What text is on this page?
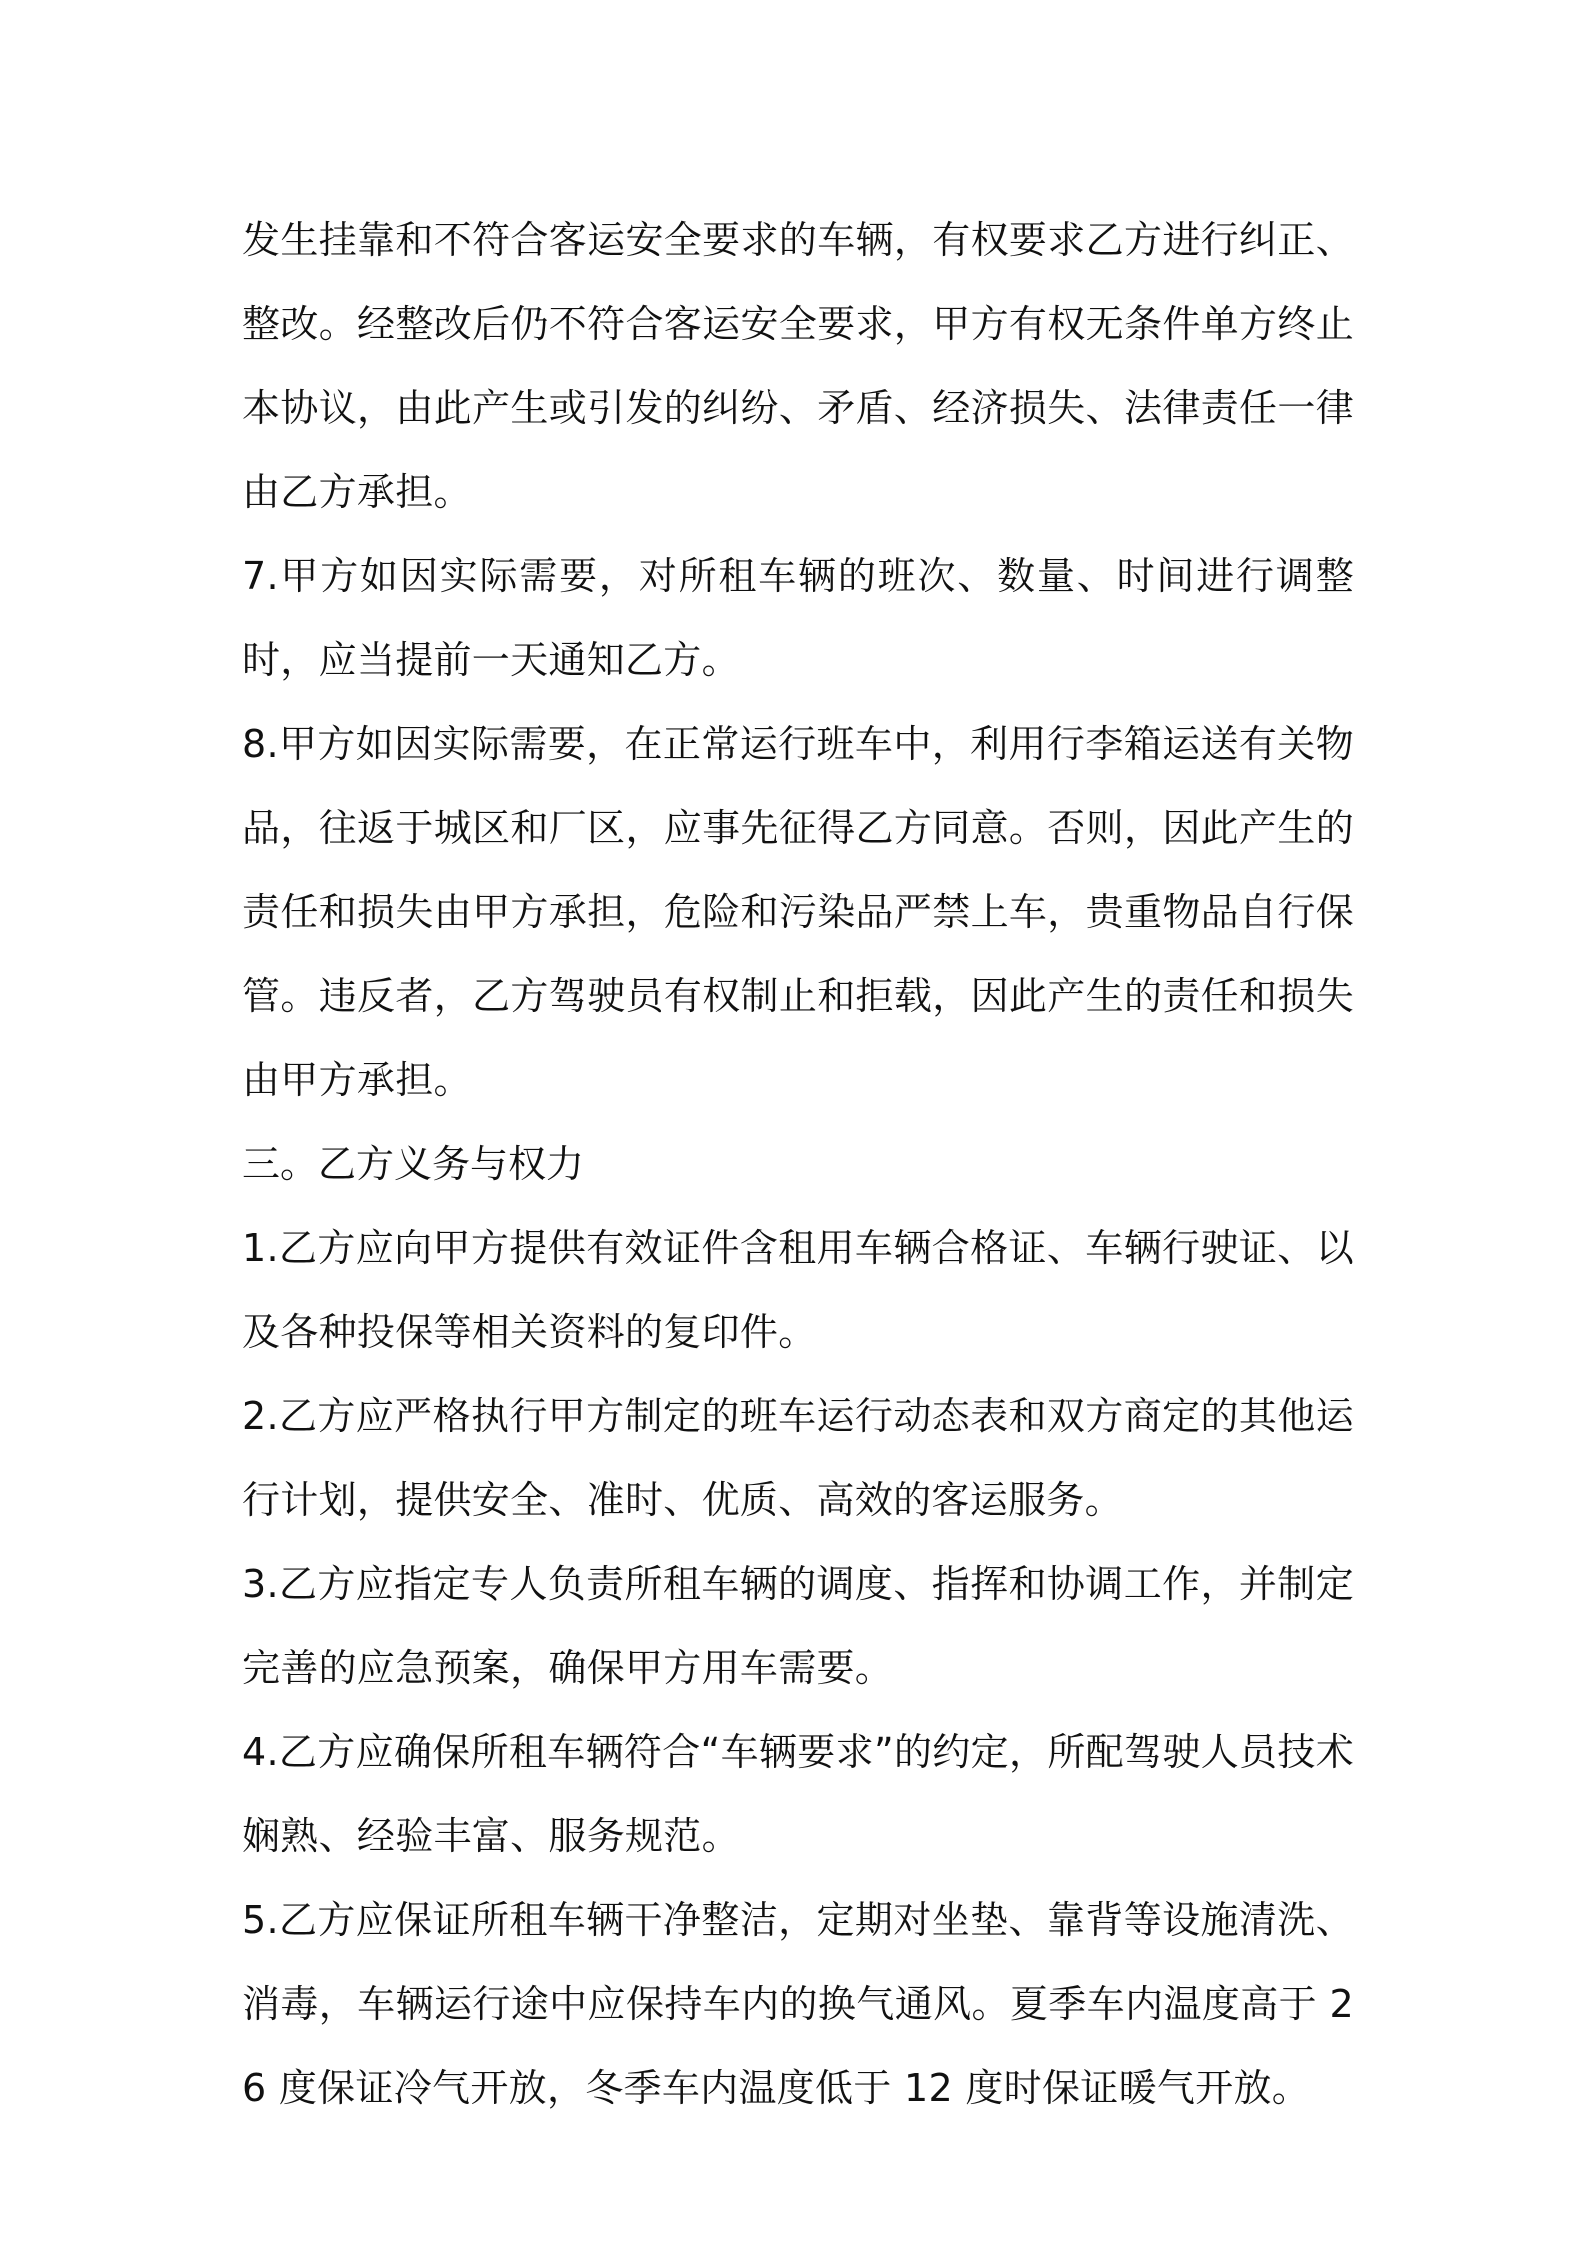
发生挂靠和不符合客运安全要求的车辆，有权要求乙方进行纠正、整改。经整改后仍不符合客运安全要求，甲方有权无条件单方终止本协议，由此产生或引发的纠纷、矛盾、经济损失、法律责任一律由乙方承担。

7.甲方如因实际需要，对所租车辆的班次、数量、时间进行调整时，应当提前一天通知乙方。

8.甲方如因实际需要，在正常运行班车中，利用行李箱运送有关物品，往返于城区和厂区，应事先征得乙方同意。否则，因此产生的责任和损失由甲方承担，危险和污染品严禁上车，贵重物品自行保管。违反者，乙方驾驶员有权制止和拒载，因此产生的责任和损失由甲方承担。

三。乙方义务与权力

1.乙方应向甲方提供有效证件含租用车辆合格证、车辆行驶证、以及各种投保等相关资料的复印件。

2.乙方应严格执行甲方制定的班车运行动态表和双方商定的其他运行计划，提供安全、准时、优质、高效的客运服务。

3.乙方应指定专人负责所租车辆的调度、指挥和协调工作，并制定完善的应急预案，确保甲方用车需要。

4.乙方应确保所租车辆符合“车辆要求”的约定，所配驾驶人员技术娴熟、经验丰富、服务规范。

5.乙方应保证所租车辆干净整洁，定期对坐垫、靠背等设施清洗、消毒，车辆运行途中应保持车内的换气通风。夏季车内温度高于 26 度保证冷气开放，冬季车内温度低于 12 度时保证暖气开放。
